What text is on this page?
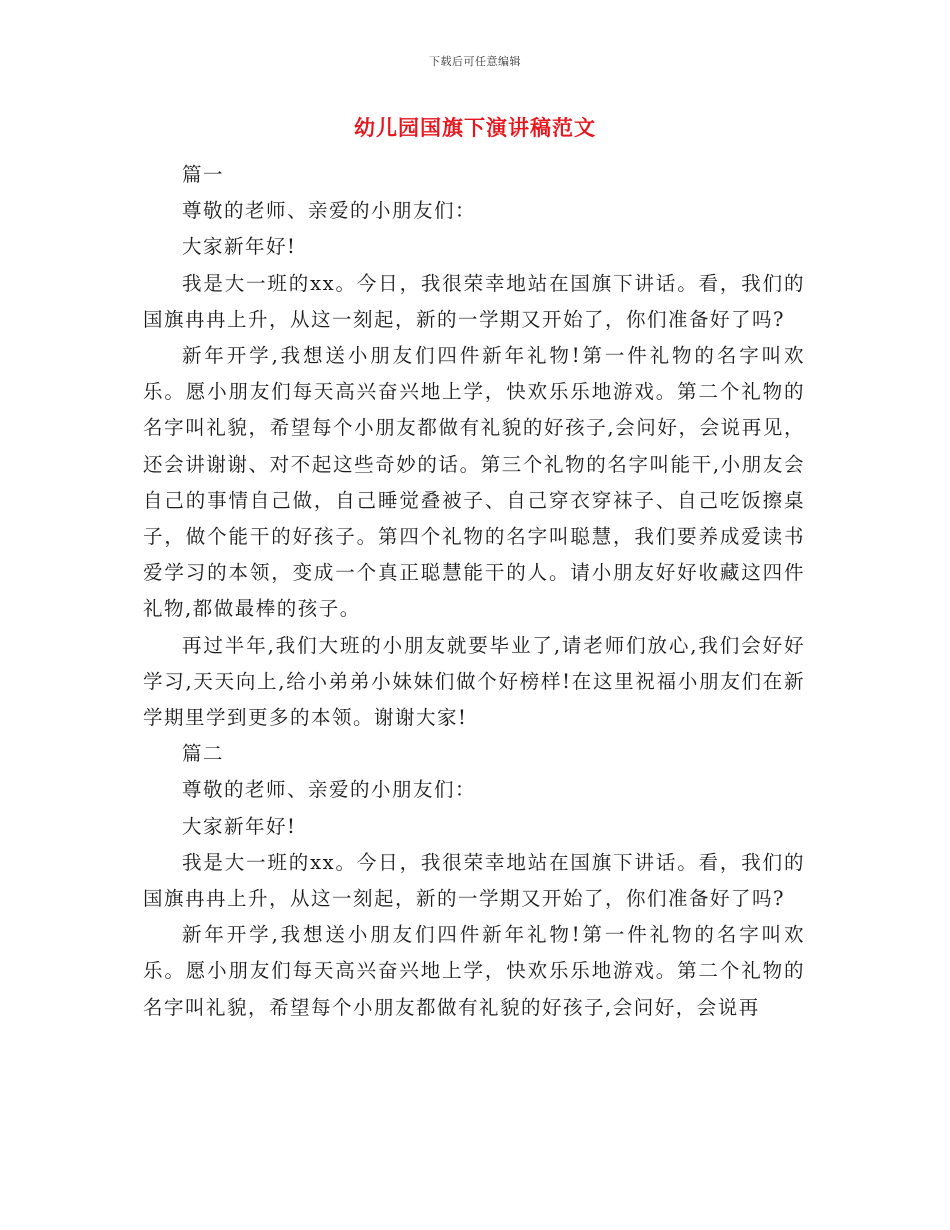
下载后可任意编辑
幼儿园国旗下演讲稿范文

篇一

尊敬的老师、亲爱的小朋友们：

大家新年好!

我是大一班的xx。今日，我很荣幸地站在国旗下讲话。看，我们的国旗冉冉上升，从这一刻起，新的一学期又开始了，你们准备好了吗?

新年开学,我想送小朋友们四件新年礼物!第一件礼物的名字叫欢乐。愿小朋友们每天高兴奋兴地上学，快欢乐乐地游戏。第二个礼物的名字叫礼貌，希望每个小朋友都做有礼貌的好孩子,会问好，会说再见，还会讲谢谢、对不起这些奇妙的话。第三个礼物的名字叫能干,小朋友会自己的事情自己做，自己睡觉叠被子、自己穿衣穿袜子、自己吃饭擦桌子，做个能干的好孩子。第四个礼物的名字叫聪慧，我们要养成爱读书爱学习的本领，变成一个真正聪慧能干的人。请小朋友好好收藏这四件礼物,都做最棒的孩子。

再过半年,我们大班的小朋友就要毕业了,请老师们放心,我们会好好学习,天天向上,给小弟弟小妹妹们做个好榜样!在这里祝福小朋友们在新学期里学到更多的本领。谢谢大家!

篇二

尊敬的老师、亲爱的小朋友们：

大家新年好!

我是大一班的xx。今日，我很荣幸地站在国旗下讲话。看，我们的国旗冉冉上升，从这一刻起，新的一学期又开始了，你们准备好了吗?

新年开学,我想送小朋友们四件新年礼物!第一件礼物的名字叫欢乐。愿小朋友们每天高兴奋兴地上学，快欢乐乐地游戏。第二个礼物的名字叫礼貌，希望每个小朋友都做有礼貌的好孩子,会问好，会说再
